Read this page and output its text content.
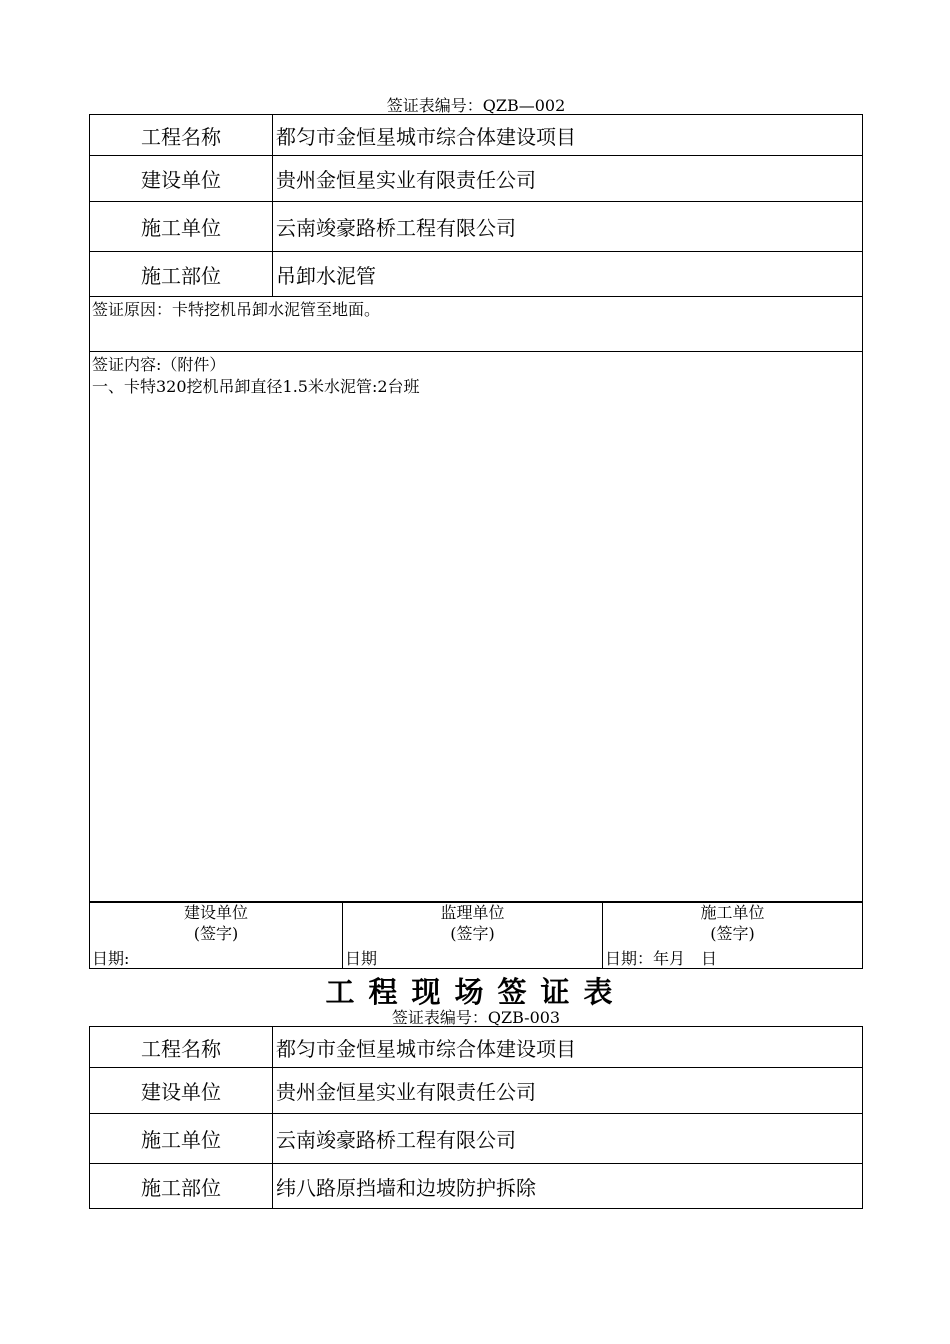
签证表编号：QZB—002
工程名称	都匀市金恒星城市综合体建设项目
建设单位	贵州金恒星实业有限责任公司
施工单位	云南竣豪路桥工程有限公司
施工部位	吊卸水泥管
签证原因：卡特挖机吊卸水泥管至地面。	

签证内容:（附件）
一、卡特320挖机吊卸直径1.5米水泥管:2台班	
建设单位
(签字)
日期:

监理单位
(签字)
日期

施工单位
(签字)
日期：年月　日
工程现场签证表
签证表编号：QZB-003
工程名称	都匀市金恒星城市综合体建设项目
建设单位	贵州金恒星实业有限责任公司
施工单位	云南竣豪路桥工程有限公司
施工部位	纬八路原挡墙和边坡防护拆除
